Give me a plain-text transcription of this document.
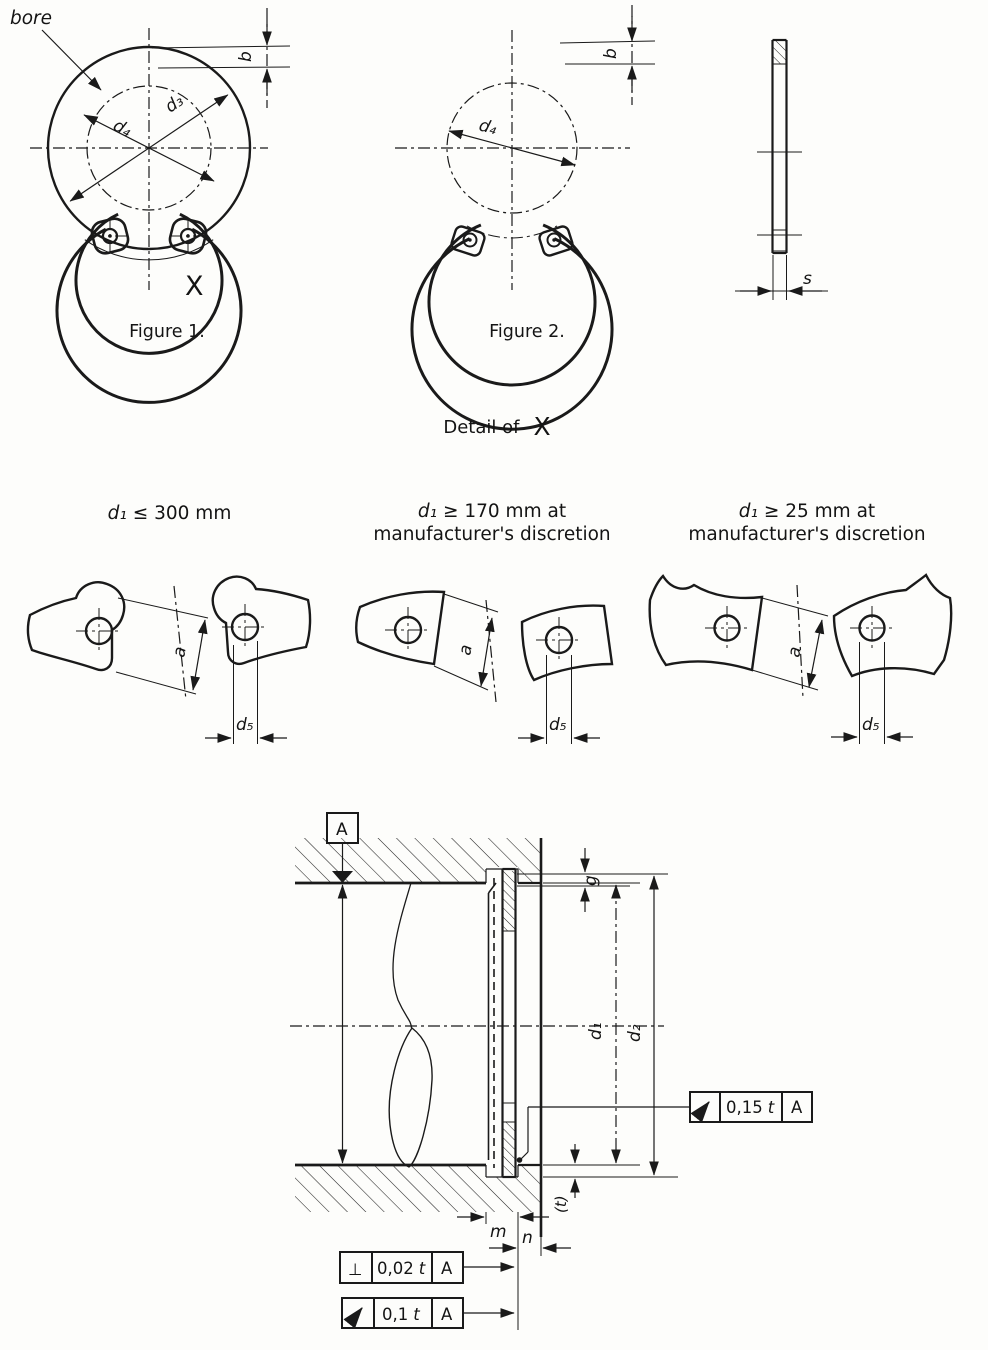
d₄
d₃
b
bore
X
d₄
b
s
a
d₅
a
d₅
a
d₅
A
g
d₁ d₂
(t)
m n
0,15 t A
⊥ 0,02 t A
0,1 t A
Figure 1.	Figure 2.
Detail of X
d₁ ≤ 300 mm	d₁ ≥ 170 mm at
manufacturer's discretion
d₁ ≥ 25 mm at
manufacturer's discretion
